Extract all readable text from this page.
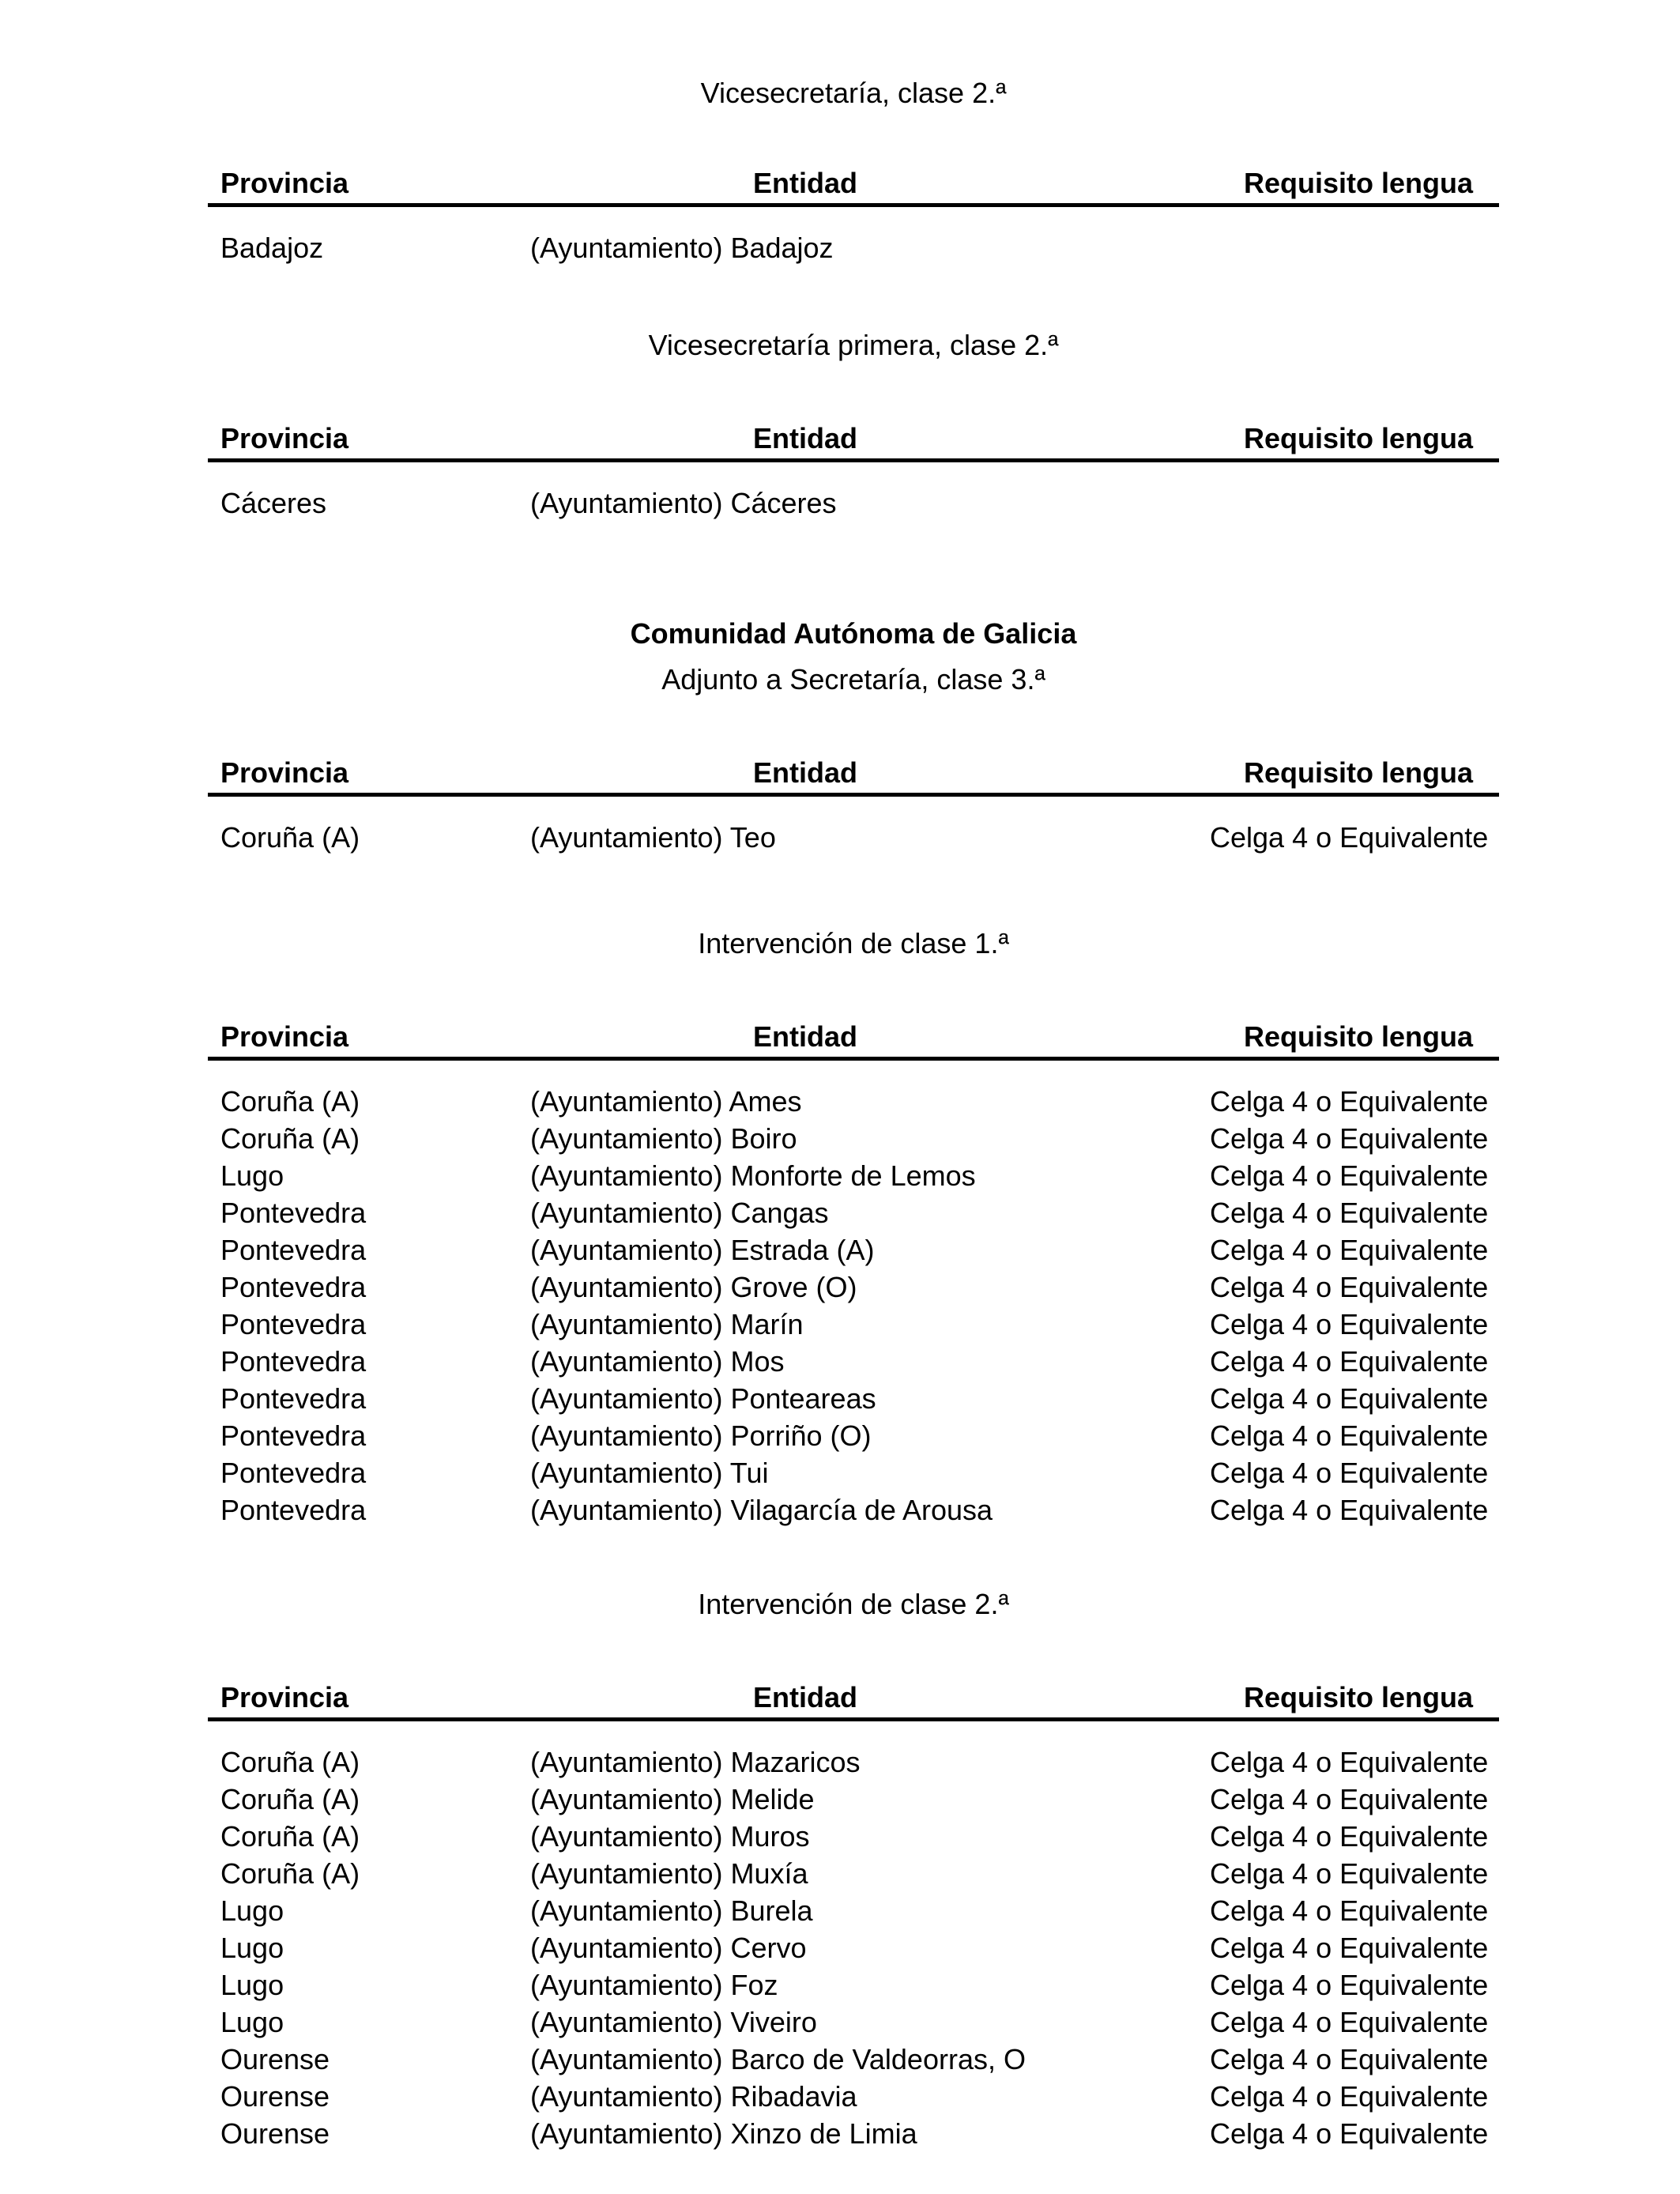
Vicesecretaría, clase 2.ª
Provincia	Entidad	Requisito lengua
Badajoz	(Ayuntamiento) Badajoz
Vicesecretaría primera, clase 2.ª
Provincia	Entidad	Requisito lengua
Cáceres	(Ayuntamiento) Cáceres
Comunidad Autónoma de Galicia
Adjunto a Secretaría, clase 3.ª
Provincia	Entidad	Requisito lengua
Coruña (A)	(Ayuntamiento) Teo	Celga 4 o Equivalente
Intervención de clase 1.ª
Provincia	Entidad	Requisito lengua
Coruña (A)	(Ayuntamiento) Ames	Celga 4 o Equivalente
Coruña (A)	(Ayuntamiento) Boiro	Celga 4 o Equivalente
Lugo	(Ayuntamiento) Monforte de Lemos	Celga 4 o Equivalente
Pontevedra	(Ayuntamiento) Cangas	Celga 4 o Equivalente
Pontevedra	(Ayuntamiento) Estrada (A)	Celga 4 o Equivalente
Pontevedra	(Ayuntamiento) Grove (O)	Celga 4 o Equivalente
Pontevedra	(Ayuntamiento) Marín	Celga 4 o Equivalente
Pontevedra	(Ayuntamiento) Mos	Celga 4 o Equivalente
Pontevedra	(Ayuntamiento) Ponteareas	Celga 4 o Equivalente
Pontevedra	(Ayuntamiento) Porriño (O)	Celga 4 o Equivalente
Pontevedra	(Ayuntamiento) Tui	Celga 4 o Equivalente
Pontevedra	(Ayuntamiento) Vilagarcía de Arousa	Celga 4 o Equivalente
Intervención de clase 2.ª
Provincia	Entidad	Requisito lengua
Coruña (A)	(Ayuntamiento) Mazaricos	Celga 4 o Equivalente
Coruña (A)	(Ayuntamiento) Melide	Celga 4 o Equivalente
Coruña (A)	(Ayuntamiento) Muros	Celga 4 o Equivalente
Coruña (A)	(Ayuntamiento) Muxía	Celga 4 o Equivalente
Lugo	(Ayuntamiento) Burela	Celga 4 o Equivalente
Lugo	(Ayuntamiento) Cervo	Celga 4 o Equivalente
Lugo	(Ayuntamiento) Foz	Celga 4 o Equivalente
Lugo	(Ayuntamiento) Viveiro	Celga 4 o Equivalente
Ourense	(Ayuntamiento) Barco de Valdeorras, O	Celga 4 o Equivalente
Ourense	(Ayuntamiento) Ribadavia	Celga 4 o Equivalente
Ourense	(Ayuntamiento) Xinzo de Limia	Celga 4 o Equivalente
